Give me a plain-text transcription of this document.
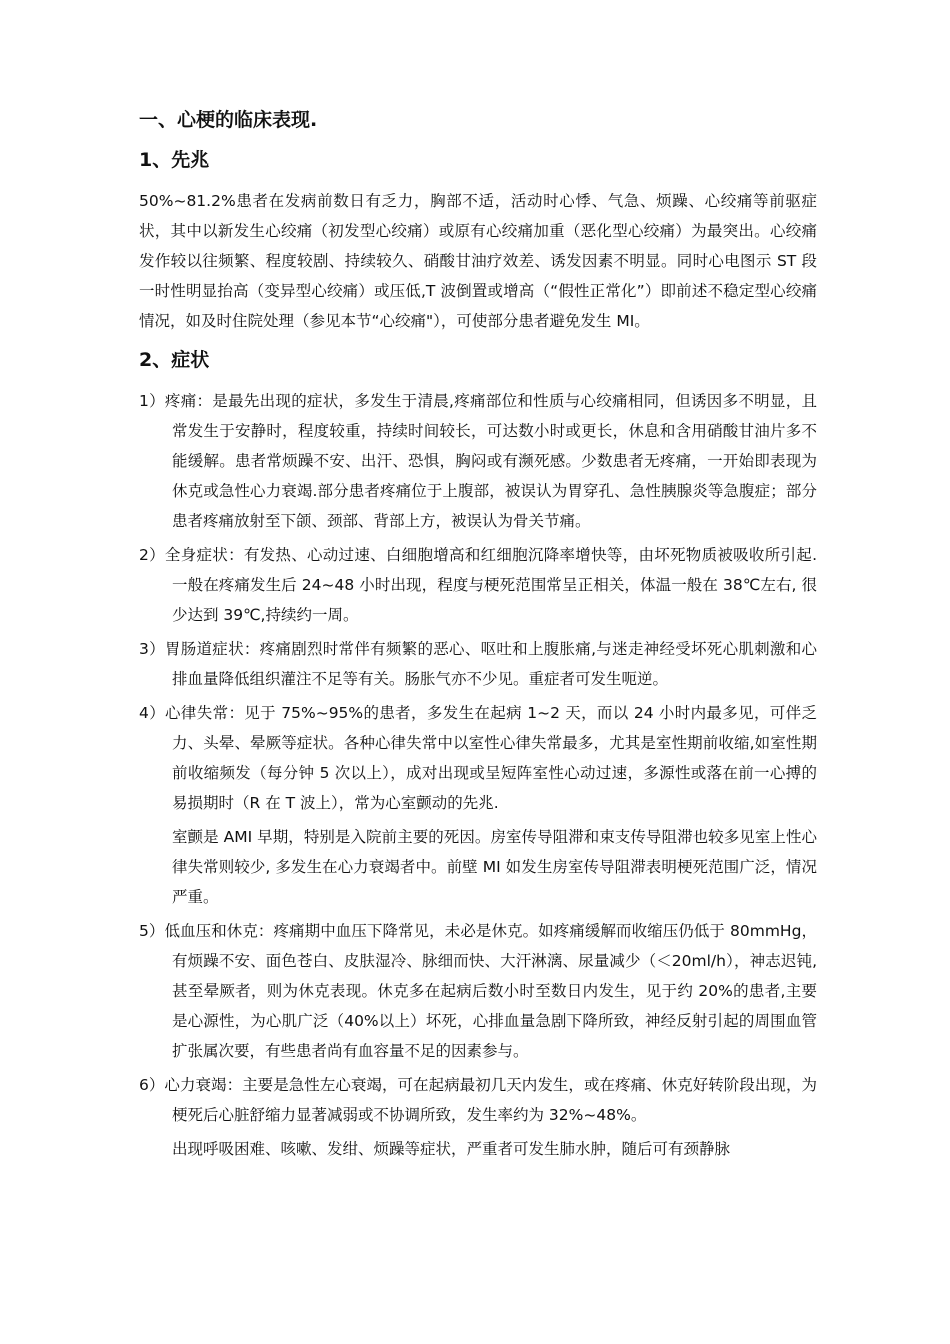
一、心梗的临床表现.
1、先兆
50%~81.2%患者在发病前数日有乏力，胸部不适，活动时心悸、气急、烦躁、心绞痛等前驱症状，其中以新发生心绞痛（初发型心绞痛）或原有心绞痛加重（恶化型心绞痛）为最突出。心绞痛发作较以往频繁、程度较剧、持续较久、硝酸甘油疗效差、诱发因素不明显。同时心电图示 ST 段一时性明显抬高（变异型心绞痛）或压低,T 波倒置或增高（“假性正常化”）即前述不稳定型心绞痛情况，如及时住院处理（参见本节“心绞痛"），可使部分患者避免发生 MI。
2、症状
1）疼痛：是最先出现的症状，多发生于清晨,疼痛部位和性质与心绞痛相同，但诱因多不明显，且常发生于安静时，程度较重，持续时间较长，可达数小时或更长，休息和含用硝酸甘油片多不能缓解。患者常烦躁不安、出汗、恐惧，胸闷或有濒死感。少数患者无疼痛，一开始即表现为休克或急性心力衰竭.部分患者疼痛位于上腹部，被误认为胃穿孔、急性胰腺炎等急腹症；部分患者疼痛放射至下颌、颈部、背部上方，被误认为骨关节痛。
2）全身症状：有发热、心动过速、白细胞增高和红细胞沉降率增快等，由坏死物质被吸收所引起.一般在疼痛发生后 24~48 小时出现，程度与梗死范围常呈正相关，体温一般在 38℃左右, 很少达到 39℃,持续约一周。
3）胃肠道症状：疼痛剧烈时常伴有频繁的恶心、呕吐和上腹胀痛,与迷走神经受坏死心肌刺激和心排血量降低组织灌注不足等有关。肠胀气亦不少见。重症者可发生呃逆。
4）心律失常：见于 75%~95%的患者，多发生在起病 1~2 天，而以 24 小时内最多见，可伴乏力、头晕、晕厥等症状。各种心律失常中以室性心律失常最多，尤其是室性期前收缩,如室性期前收缩频发（每分钟 5 次以上），成对出现或呈短阵室性心动过速，多源性或落在前一心搏的易损期时（R 在 T 波上），常为心室颤动的先兆.
室颤是 AMI 早期，特别是入院前主要的死因。房室传导阻滞和束支传导阻滞也较多见室上性心律失常则较少, 多发生在心力衰竭者中。前壁 MI 如发生房室传导阻滞表明梗死范围广泛，情况严重。
5）低血压和休克：疼痛期中血压下降常见，未必是休克。如疼痛缓解而收缩压仍低于 80mmHg，有烦躁不安、面色苍白、皮肤湿冷、脉细而快、大汗淋漓、尿量减少（＜20ml/h），神志迟钝,甚至晕厥者，则为休克表现。休克多在起病后数小时至数日内发生，见于约 20%的患者,主要是心源性，为心肌广泛（40%以上）坏死，心排血量急剧下降所致，神经反射引起的周围血管扩张属次要，有些患者尚有血容量不足的因素参与。
6）心力衰竭：主要是急性左心衰竭，可在起病最初几天内发生，或在疼痛、休克好转阶段出现，为梗死后心脏舒缩力显著减弱或不协调所致，发生率约为 32%~48%。
出现呼吸困难、咳嗽、发绀、烦躁等症状，严重者可发生肺水肿，随后可有颈静脉
